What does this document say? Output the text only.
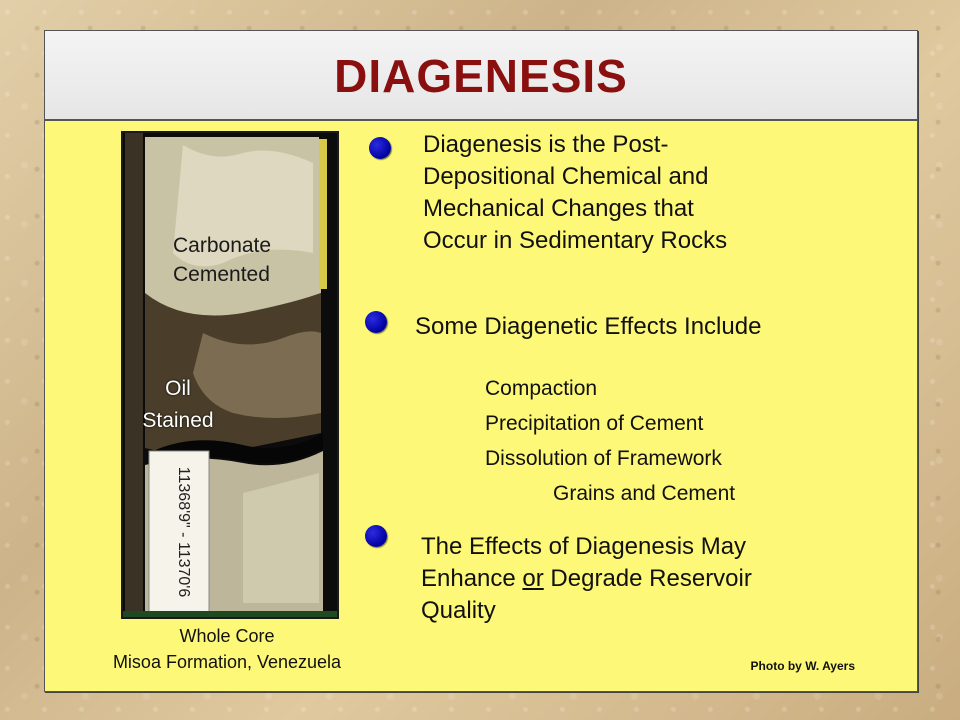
DIAGENESIS
11368'9" - 11370'6
Carbonate
Cemented
Oil
Stained
Whole Core
Misoa Formation, Venezuela
Diagenesis is the Post-
Depositional Chemical and
Mechanical Changes that
Occur in Sedimentary Rocks
Some Diagenetic Effects Include
Compaction
Precipitation of Cement
Dissolution of Framework
Grains and Cement
The Effects of Diagenesis May
Enhance or Degrade Reservoir
Quality
Photo by W. Ayers
